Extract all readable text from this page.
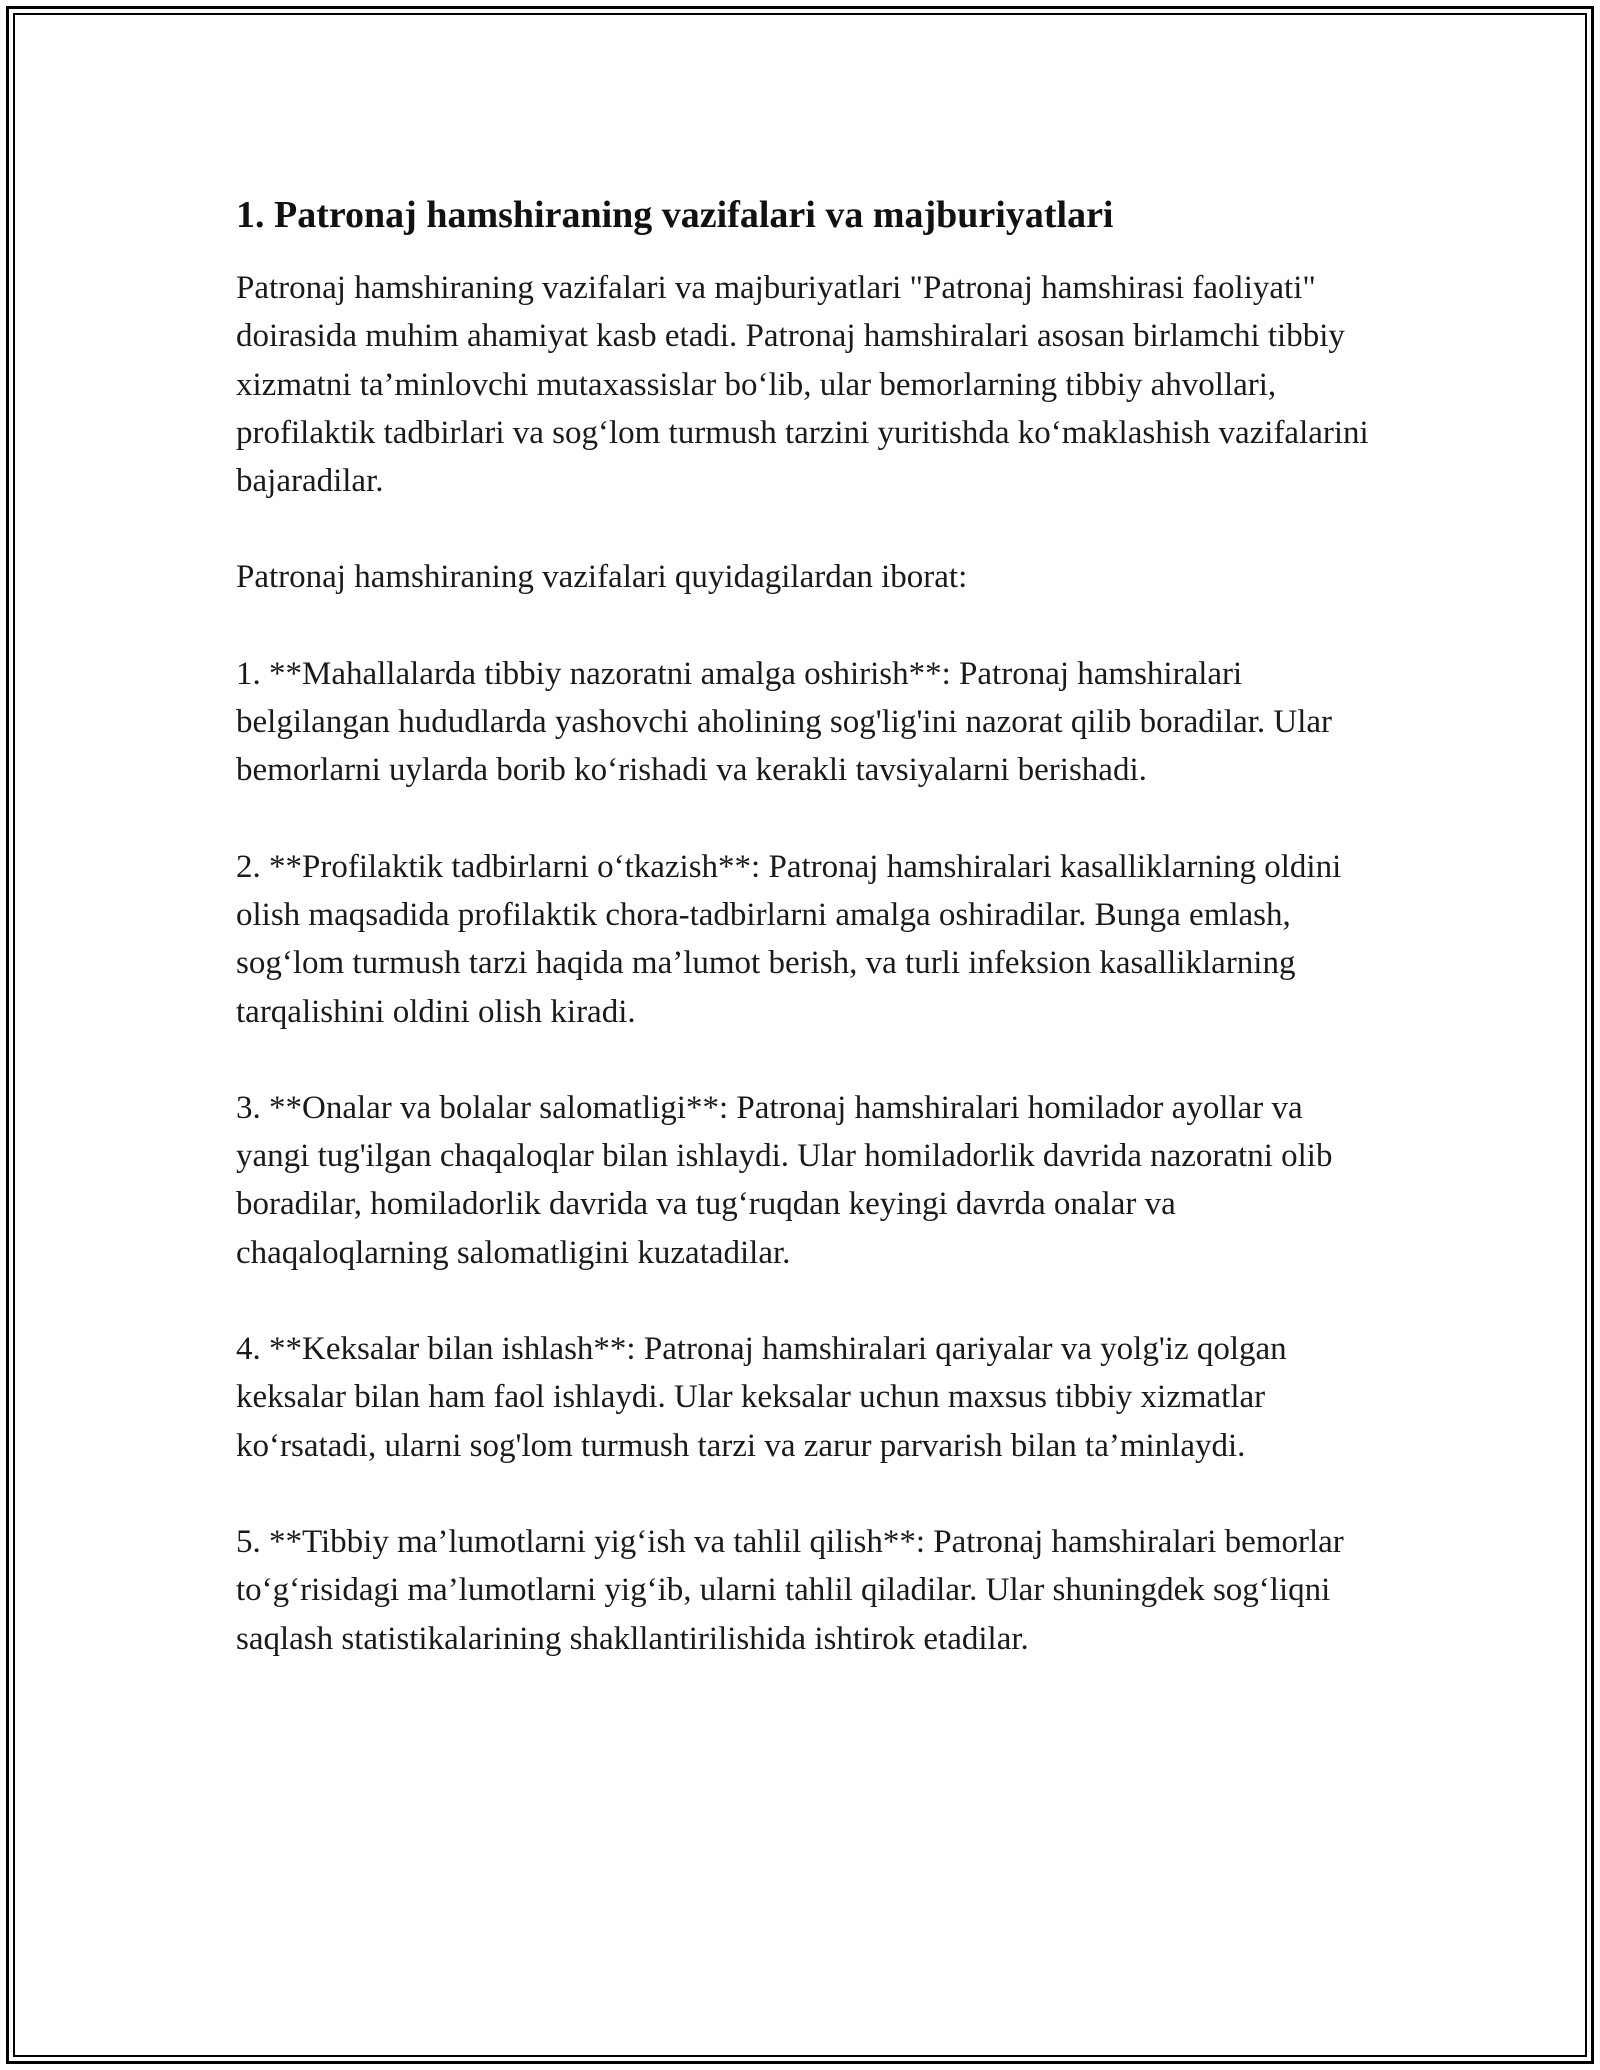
1. Patronaj hamshiraning vazifalari va majburiyatlari

Patronaj hamshiraning vazifalari va majburiyatlari "Patronaj hamshirasi faoliyati" doirasida muhim ahamiyat kasb etadi. Patronaj hamshiralari asosan birlamchi tibbiy xizmatni ta’minlovchi mutaxassislar bo‘lib, ular bemorlarning tibbiy ahvollari, profilaktik tadbirlari va sog‘lom turmush tarzini yuritishda ko‘maklashish vazifalarini bajaradilar.

Patronaj hamshiraning vazifalari quyidagilardan iborat:

1. **Mahallalarda tibbiy nazoratni amalga oshirish**: Patronaj hamshiralari belgilangan hududlarda yashovchi aholining sog'lig'ini nazorat qilib boradilar. Ular bemorlarni uylarda borib ko‘rishadi va kerakli tavsiyalarni berishadi.

2. **Profilaktik tadbirlarni o‘tkazish**: Patronaj hamshiralari kasalliklarning oldini olish maqsadida profilaktik chora-tadbirlarni amalga oshiradilar. Bunga emlash, sog‘lom turmush tarzi haqida ma’lumot berish, va turli infeksion kasalliklarning tarqalishini oldini olish kiradi.

3. **Onalar va bolalar salomatligi**: Patronaj hamshiralari homilador ayollar va yangi tug'ilgan chaqaloqlar bilan ishlaydi. Ular homiladorlik davrida nazoratni olib boradilar, homiladorlik davrida va tug‘ruqdan keyingi davrda onalar va chaqaloqlarning salomatligini kuzatadilar.

4. **Keksalar bilan ishlash**: Patronaj hamshiralari qariyalar va yolg'iz qolgan keksalar bilan ham faol ishlaydi. Ular keksalar uchun maxsus tibbiy xizmatlar ko‘rsatadi, ularni sog'lom turmush tarzi va zarur parvarish bilan ta’minlaydi.

5. **Tibbiy ma’lumotlarni yig‘ish va tahlil qilish**: Patronaj hamshiralari bemorlar to‘g‘risidagi ma’lumotlarni yig‘ib, ularni tahlil qiladilar. Ular shuningdek sog‘liqni saqlash statistikalarining shakllantirilishida ishtirok etadilar.
